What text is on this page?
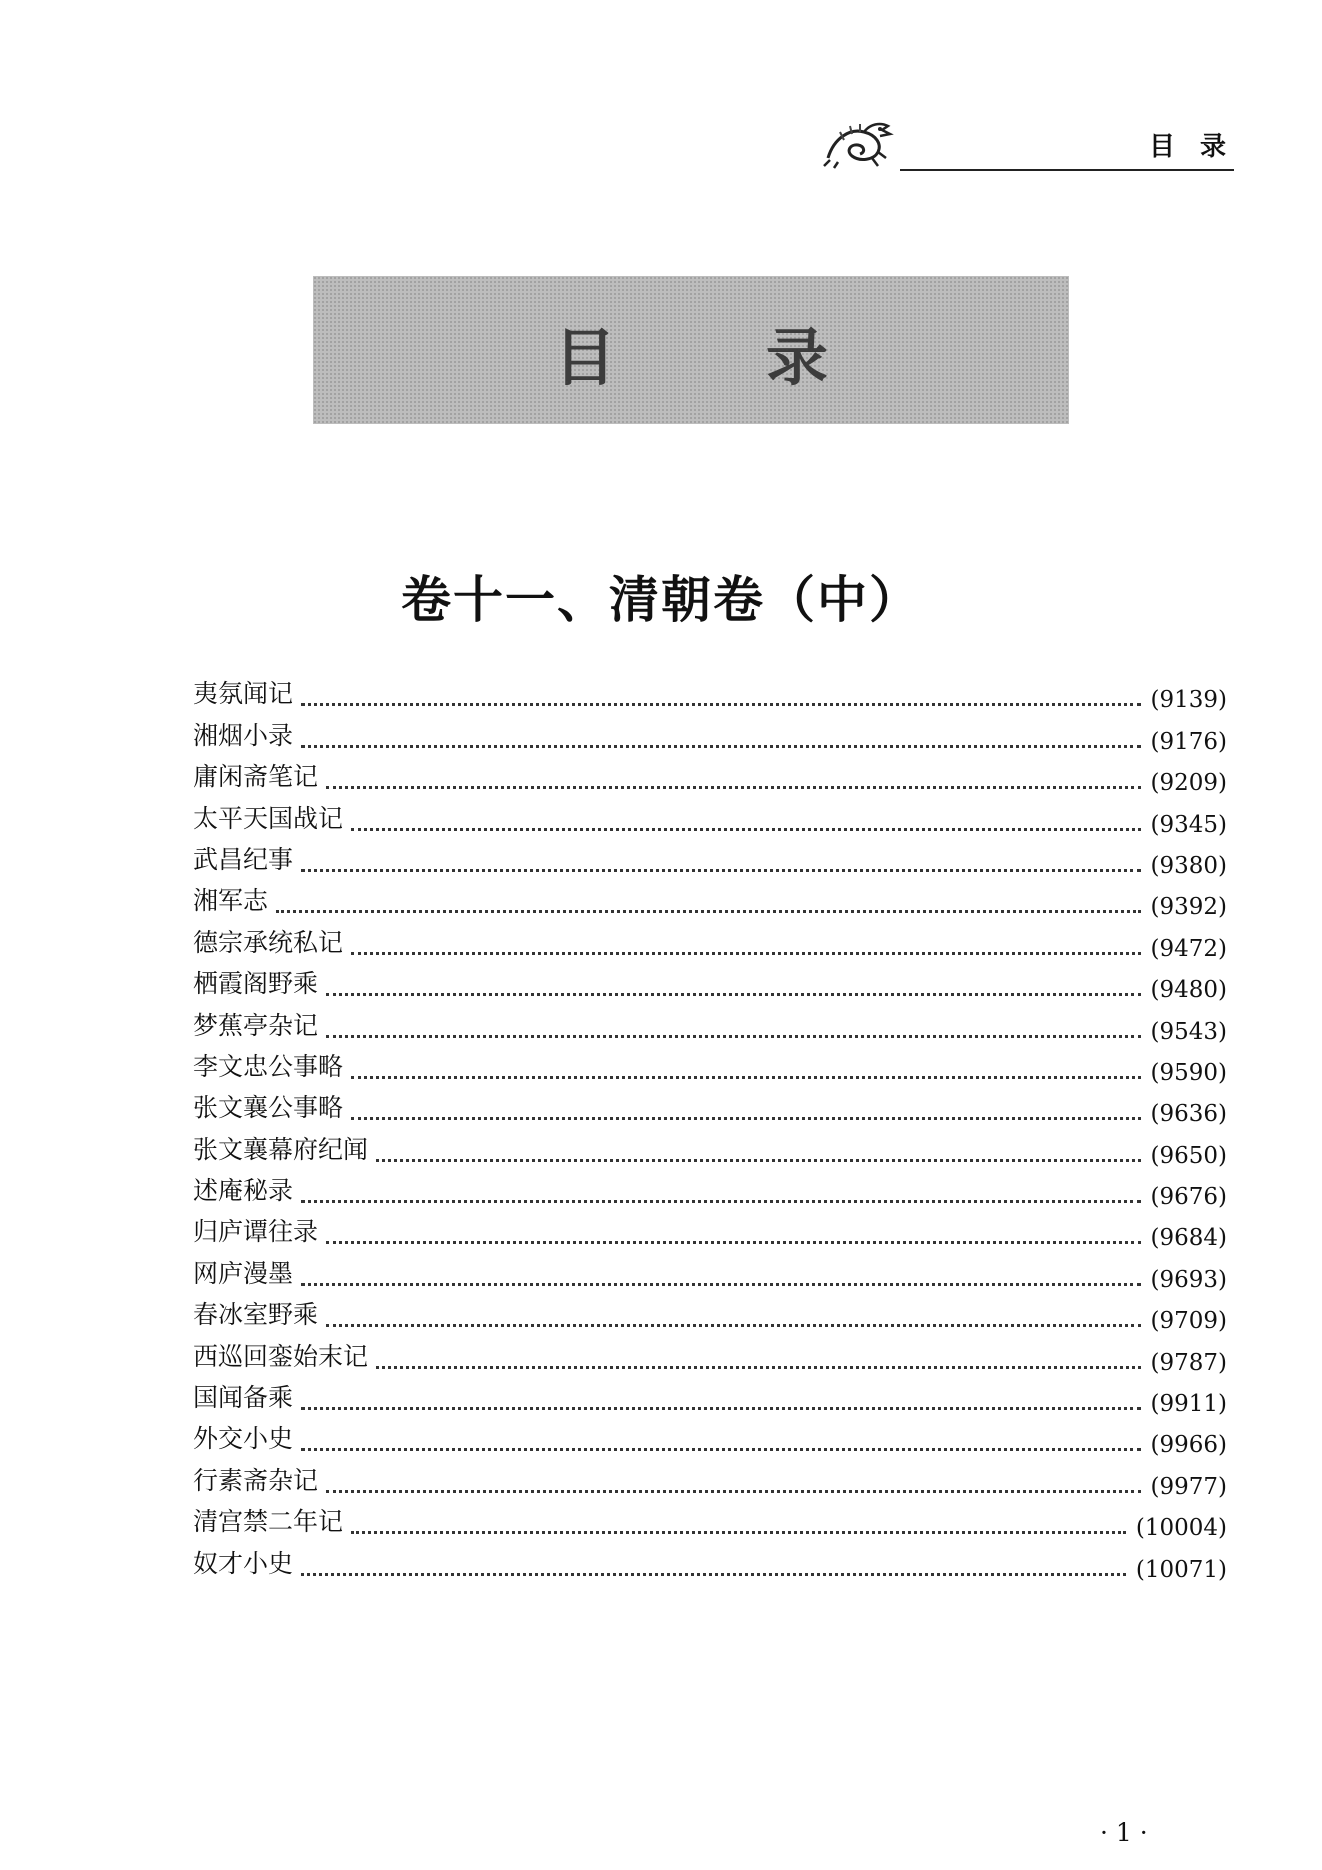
目 录
目录
卷十一、清朝卷（中）
夷氛闻记	(9139)
湘烟小录	(9176)
庸闲斋笔记	(9209)
太平天国战记	(9345)
武昌纪事	(9380)
湘军志	(9392)
德宗承统私记	(9472)
栖霞阁野乘	(9480)
梦蕉亭杂记	(9543)
李文忠公事略	(9590)
张文襄公事略	(9636)
张文襄幕府纪闻	(9650)
述庵秘录	(9676)
归庐谭往录	(9684)
网庐漫墨	(9693)
春冰室野乘	(9709)
西巡回銮始末记	(9787)
国闻备乘	(9911)
外交小史	(9966)
行素斋杂记	(9977)
清宫禁二年记	(10004)
奴才小史	(10071)
· 1 ·
